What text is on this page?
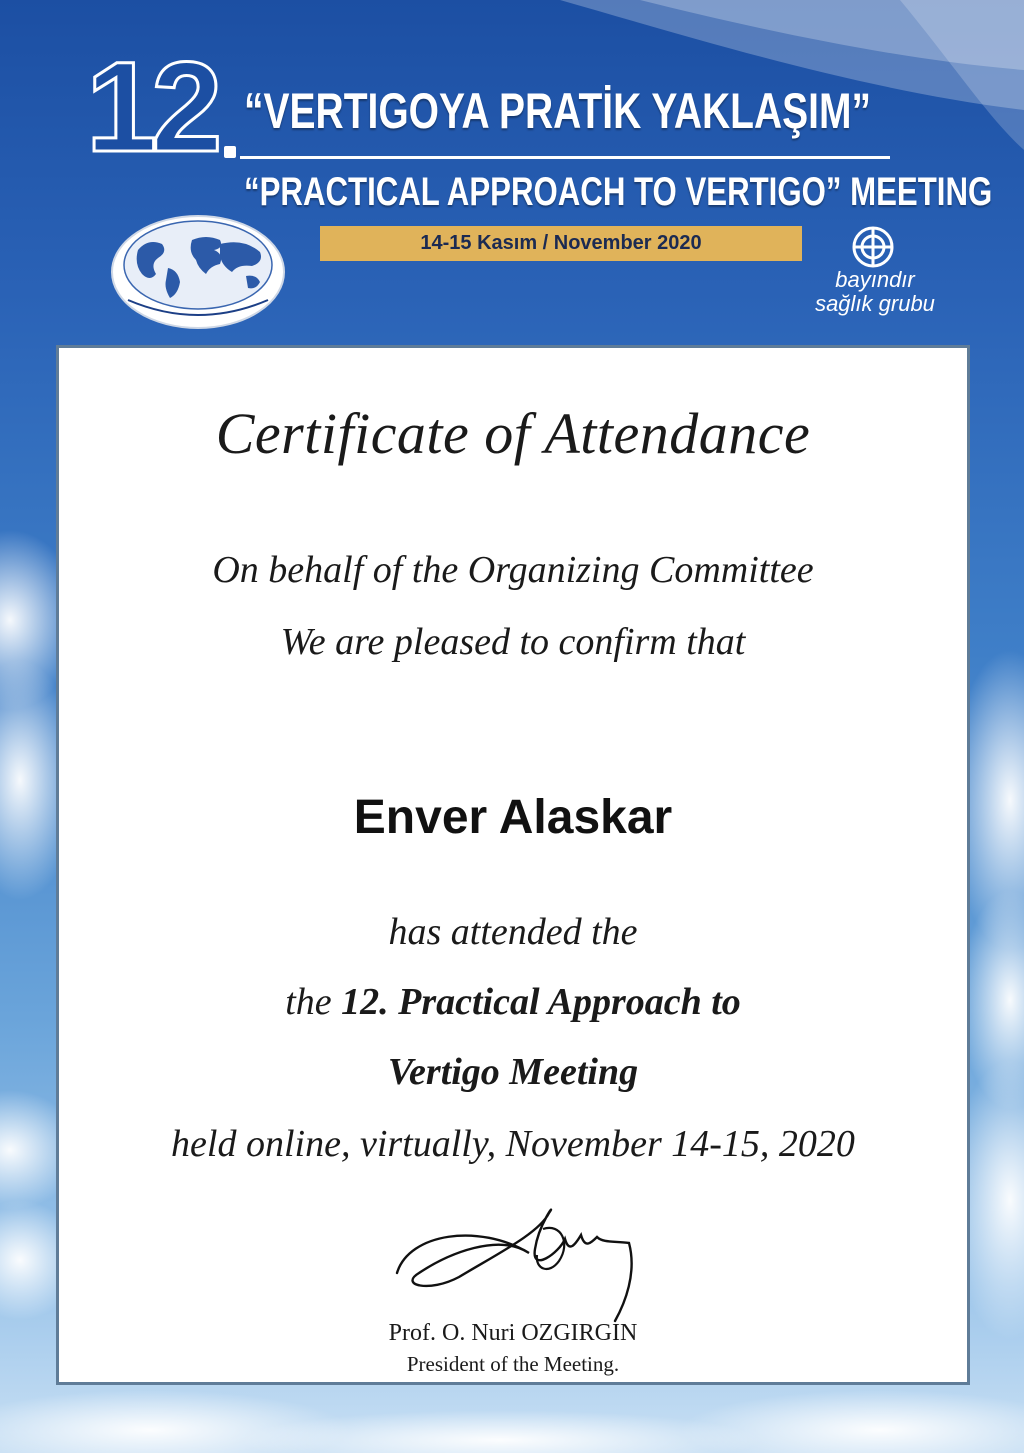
12 “VERTIGOYA PRATİK YAKLAŞIM”
“PRACTICAL APPROACH TO VERTIGO” MEETING
14-15 Kasım / November 2020
bayındır
sağlık grubu
Certificate of Attendance
On behalf of the Organizing Committee
We are pleased to confirm that
Enver Alaskar
has attended the
the 12. Practical Approach to
Vertigo Meeting
held online, virtually, November 14-15, 2020
Prof. O. Nuri OZGIRGIN
President of the Meeting.
